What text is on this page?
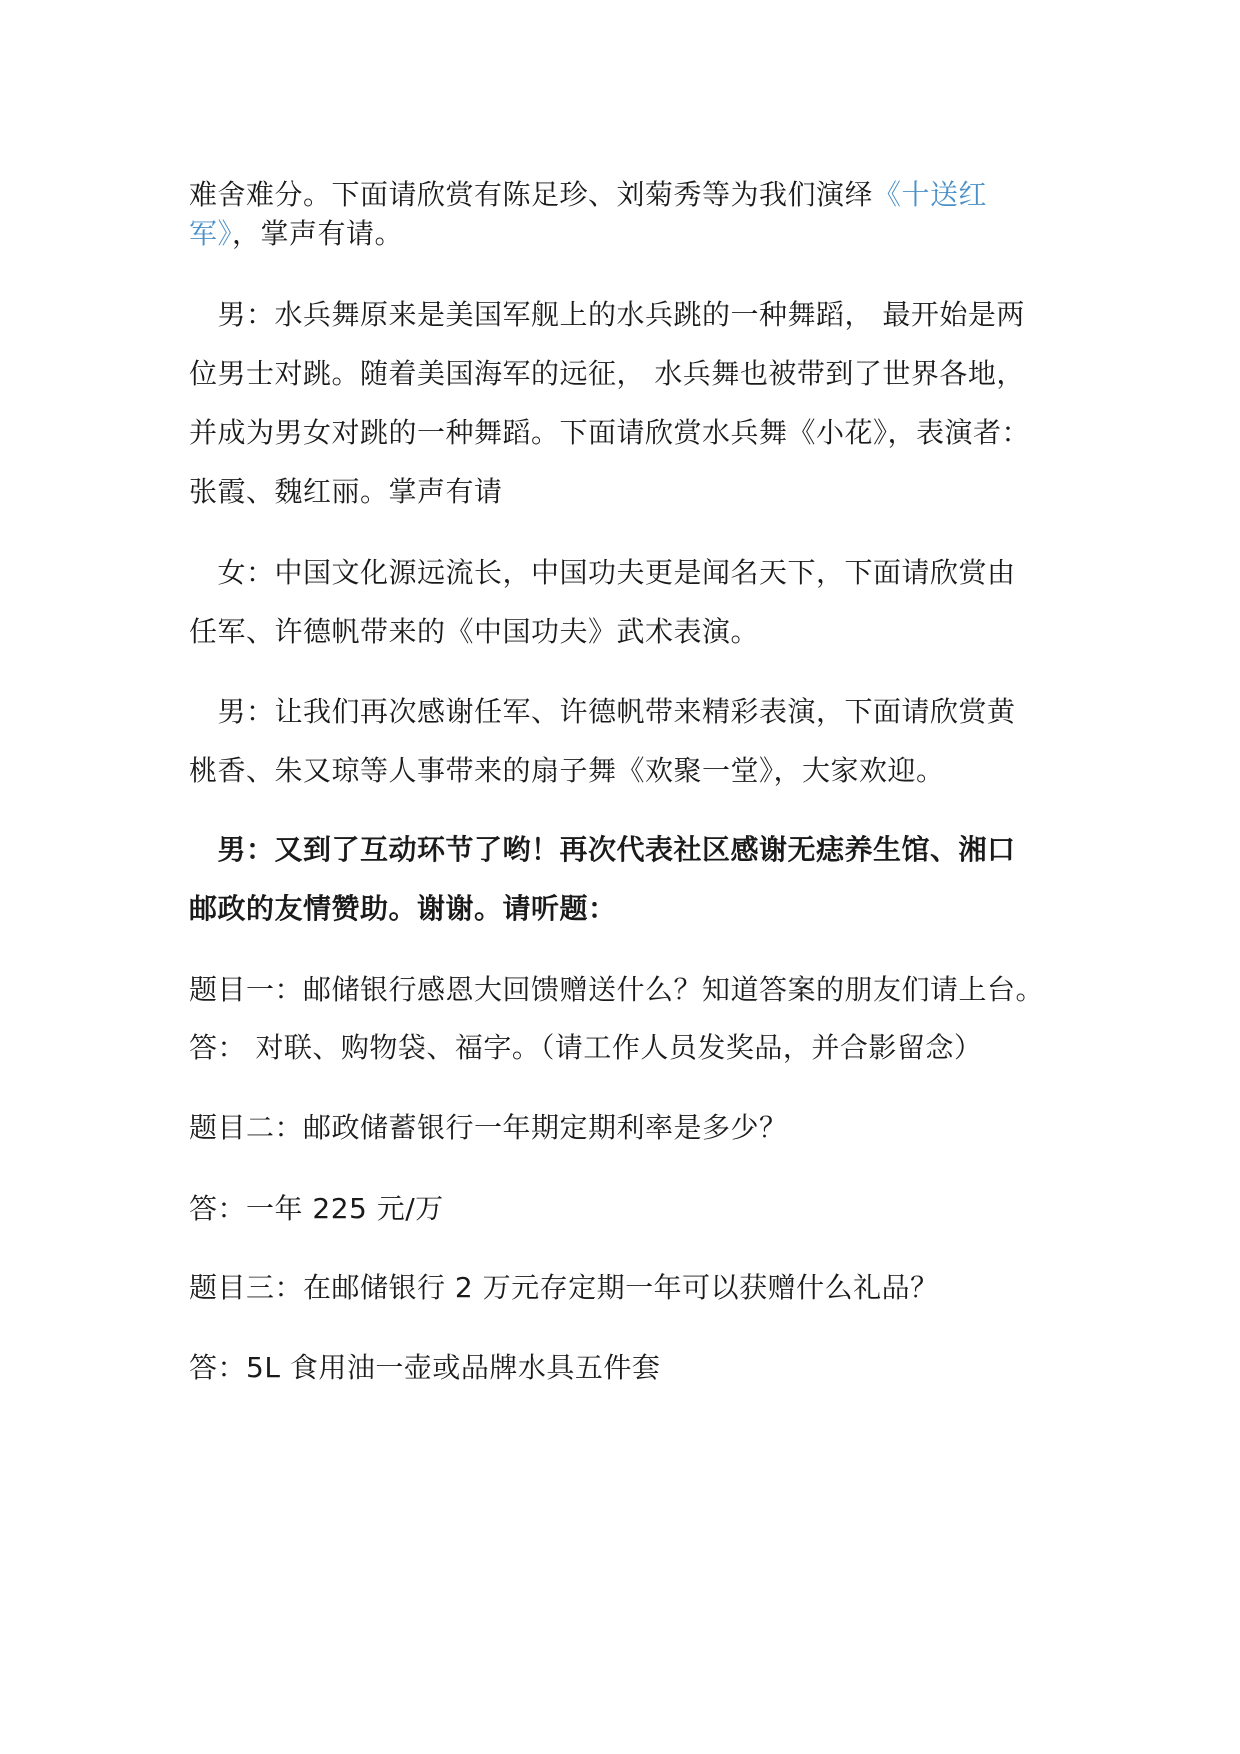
难舍难分。下面请欣赏有陈足珍、刘菊秀等为我们演绎《十送红
军》，掌声有请。
　男：水兵舞原来是美国军舰上的水兵跳的一种舞蹈， 最开始是两
位男士对跳。随着美国海军的远征， 水兵舞也被带到了世界各地，
并成为男女对跳的一种舞蹈。下面请欣赏水兵舞《小花》，表演者：
张霞、魏红丽。掌声有请
　女：中国文化源远流长，中国功夫更是闻名天下，下面请欣赏由
任军、许德帆带来的《中国功夫》武术表演。
　男：让我们再次感谢任军、许德帆带来精彩表演，下面请欣赏黄
桃香、朱又琼等人事带来的扇子舞《欢聚一堂》，大家欢迎。
　男：又到了互动环节了哟！再次代表社区感谢无痣养生馆、湘口
邮政的友情赞助。谢谢。请听题：
题目一：邮储银行感恩大回馈赠送什么？知道答案的朋友们请上台。
答： 对联、购物袋、福字。（请工作人员发奖品，并合影留念）
题目二：邮政储蓄银行一年期定期利率是多少？
答：一年 225 元/万
题目三：在邮储银行 2 万元存定期一年可以获赠什么礼品？
答：5L 食用油一壶或品牌水具五件套
